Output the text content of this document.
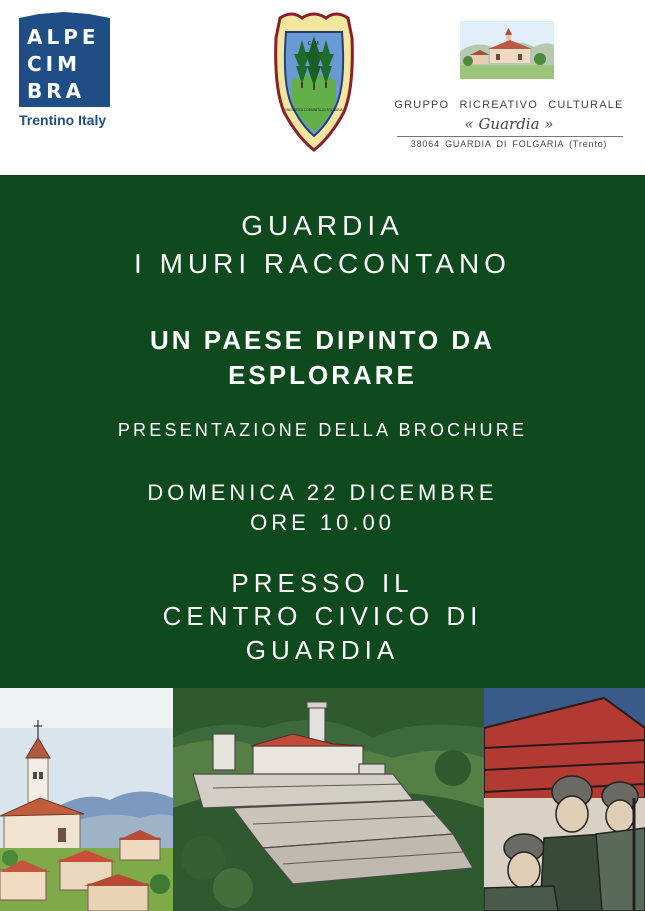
ALPE
CIM
BRA
Trentino Italy
C. M.
MAGNIFICA COMUNITÀ DI FOLGARIA	GRUPPO RICREATIVO CULTURALE
« Guardia »
38064 GUARDIA DI FOLGARIA (Trento)
GUARDIA
I MURI RACCONTANO
UN PAESE DIPINTO DA
ESPLORARE
PRESENTAZIONE DELLA BROCHURE
DOMENICA 22 DICEMBRE
ORE 10.00
PRESSO IL
CENTRO CIVICO DI
GUARDIA
